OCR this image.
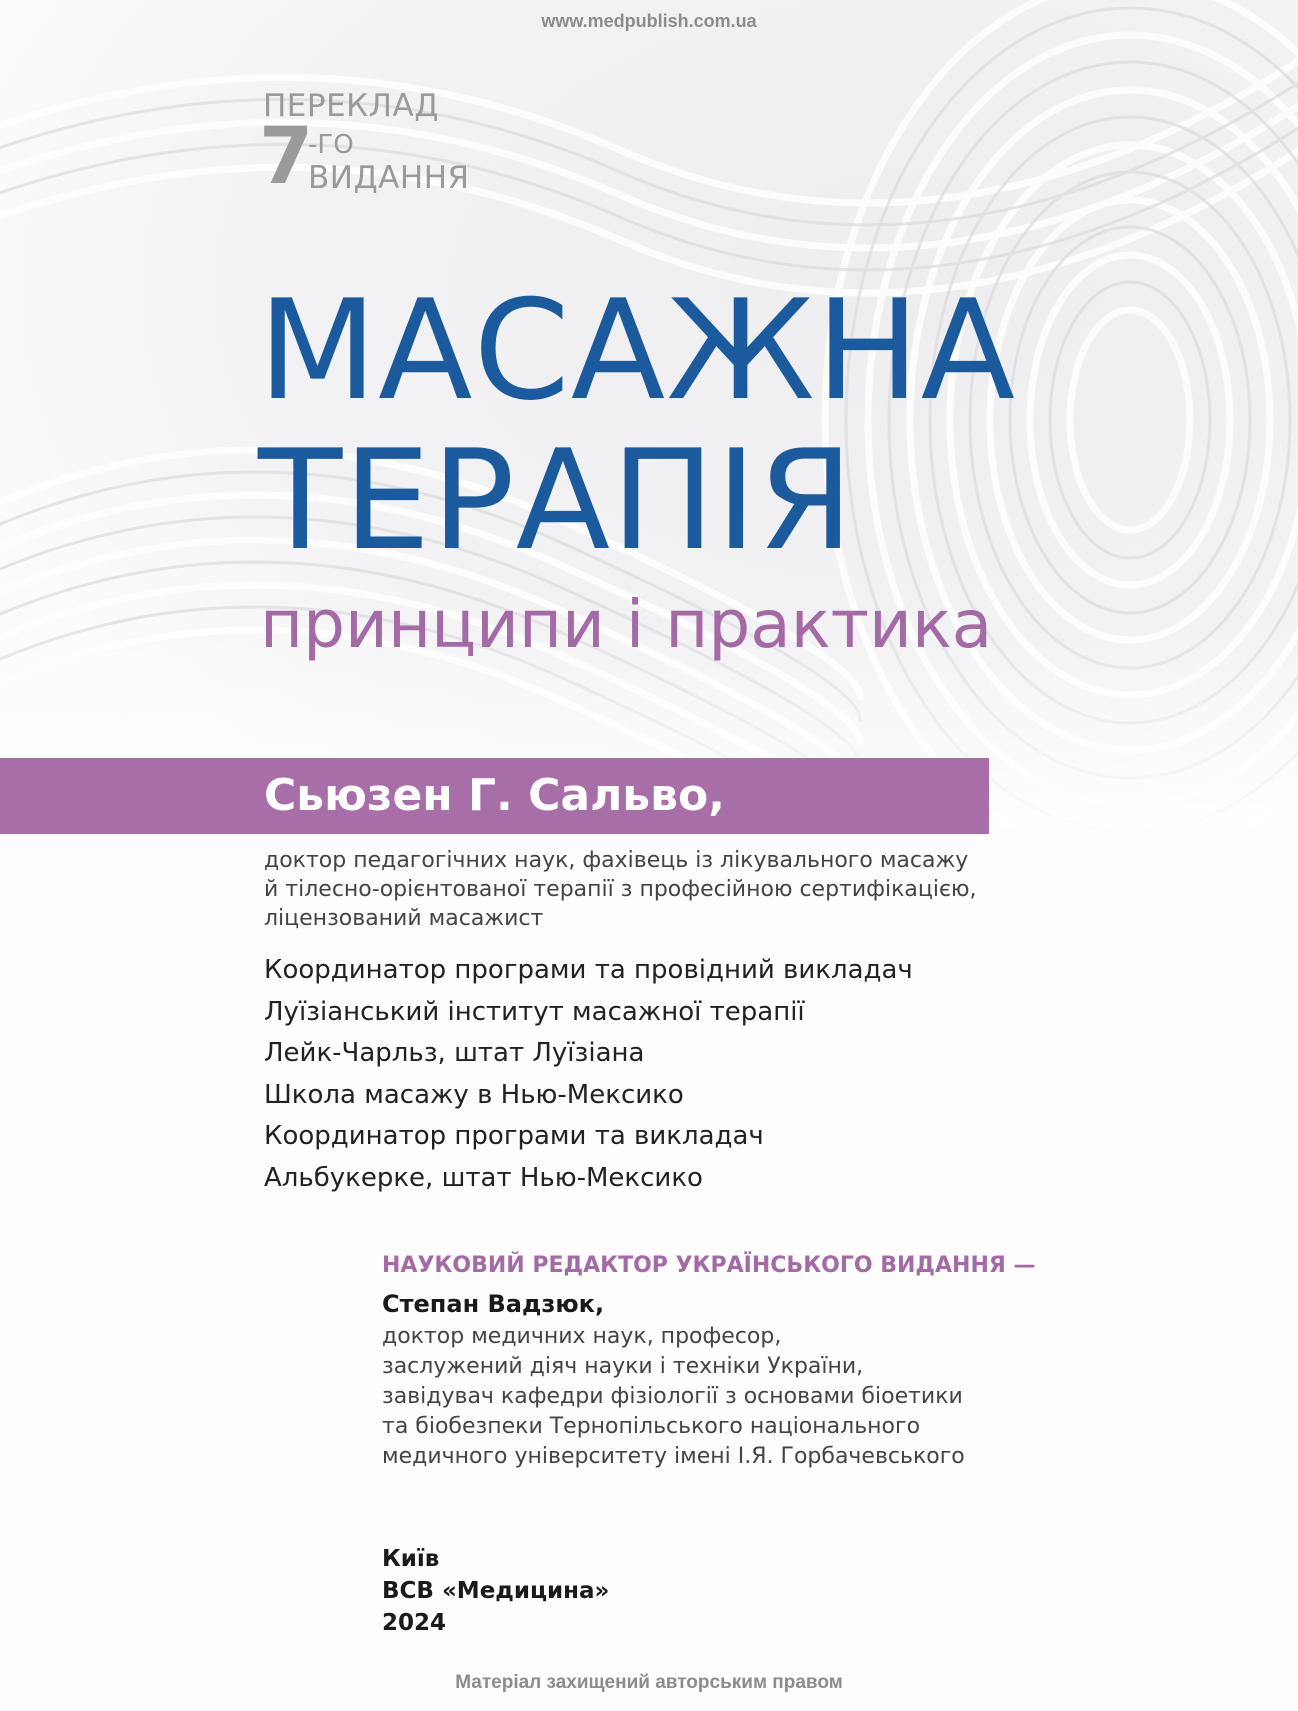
www.medpublish.com.ua
ПЕРЕКЛАД
7
-ГО
ВИДАННЯ
МАСАЖНА
ТЕРАПІЯ
принципи і практика
Сьюзен Г. Сальво,
доктор педагогічних наук, фахівець із лікувального масажу
й тілесно-орієнтованої терапії з професійною сертифікацією,
ліцензований масажист
Координатор програми та провідний викладач
Луїзіанський інститут масажної терапії
Лейк-Чарльз, штат Луїзіана
Школа масажу в Нью-Мексико
Координатор програми та викладач
Альбукерке, штат Нью-Мексико
НАУКОВИЙ РЕДАКТОР УКРАЇНСЬКОГО ВИДАННЯ —
Степан Вадзюк,
доктор медичних наук, професор,
заслужений діяч науки і техніки України,
завідувач кафедри фізіології з основами біоетики
та біобезпеки Тернопільського національного
медичного університету імені І.Я. Горбачевського
Київ
ВСВ «Медицина»
2024
Матеріал захищений авторським правом
